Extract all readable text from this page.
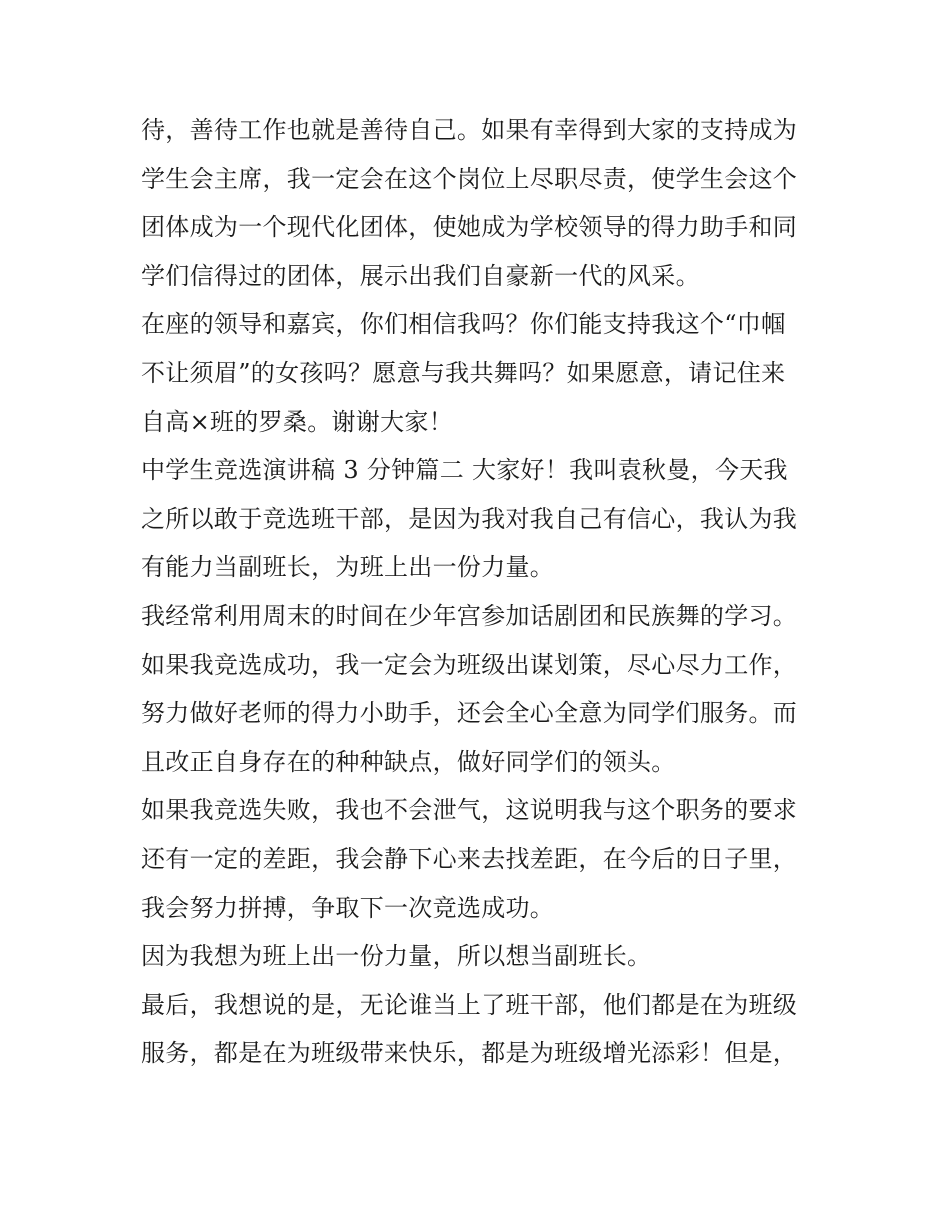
待，善待工作也就是善待自己。如果有幸得到大家的支持成为
学生会主席，我一定会在这个岗位上尽职尽责，使学生会这个
团体成为一个现代化团体，使她成为学校领导的得力助手和同
学们信得过的团体，展示出我们自豪新一代的风采。
在座的领导和嘉宾，你们相信我吗？你们能支持我这个“巾帼
不让须眉”的女孩吗？愿意与我共舞吗？如果愿意，请记住来
自高×班的罗桑。谢谢大家！
中学生竞选演讲稿 3 分钟篇二 大家好！我叫袁秋曼，今天我
之所以敢于竞选班干部，是因为我对我自己有信心，我认为我
有能力当副班长，为班上出一份力量。
我经常利用周末的时间在少年宫参加话剧团和民族舞的学习。
如果我竞选成功，我一定会为班级出谋划策，尽心尽力工作，
努力做好老师的得力小助手，还会全心全意为同学们服务。而
且改正自身存在的种种缺点，做好同学们的领头。
如果我竞选失败，我也不会泄气，这说明我与这个职务的要求
还有一定的差距，我会静下心来去找差距，在今后的日子里，
我会努力拼搏，争取下一次竞选成功。
因为我想为班上出一份力量，所以想当副班长。
最后，我想说的是，无论谁当上了班干部，他们都是在为班级
服务，都是在为班级带来快乐，都是为班级增光添彩！但是，
